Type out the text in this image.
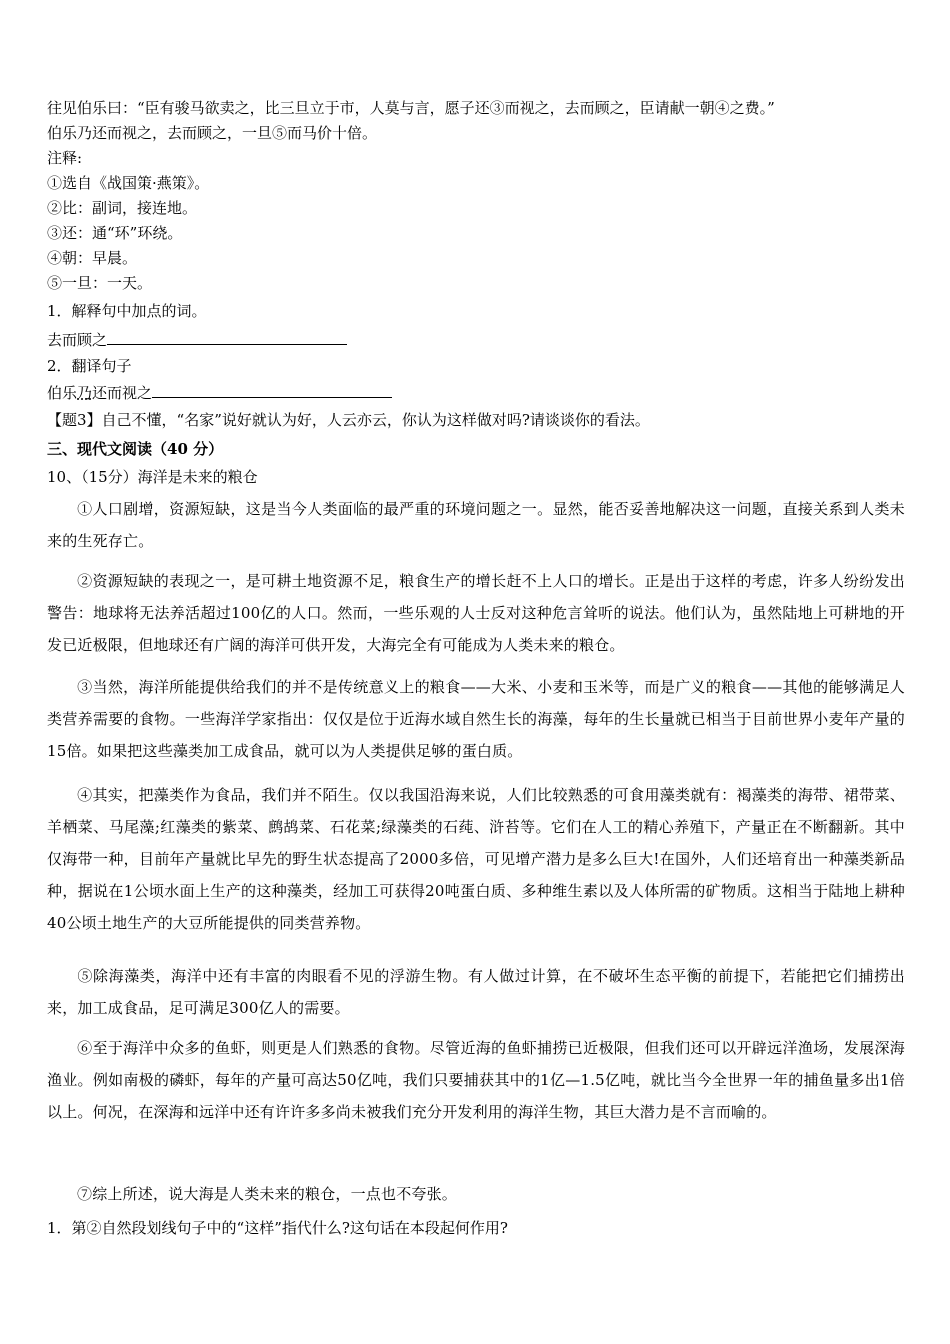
往见伯乐曰：“臣有骏马欲卖之，比三旦立于市，人莫与言，愿子还③而视之，去而顾之，臣请献一朝④之费。”
伯乐乃还而视之，去而顾之，一旦⑤而马价十倍。
注释:
①选自《战国策·燕策》。
②比：副词，接连地。
③还：通“环”环绕。
④朝：早晨。
⑤一旦：一天。
1．解释句中加点的词。
去而顾之
2．翻译句子
伯乐乃还而视之
【题3】自己不懂，“名家”说好就认为好，人云亦云，你认为这样做对吗?请谈谈你的看法。
三、现代文阅读（40 分）
10、（15分）海洋是未来的粮仓
①人口剧增，资源短缺，这是当今人类面临的最严重的环境问题之一。显然，能否妥善地解决这一问题，直接关系到人类未来的生死存亡。
②资源短缺的表现之一，是可耕土地资源不足，粮食生产的增长赶不上人口的增长。正是出于这样的考虑，许多人纷纷发出警告：地球将无法养活超过100亿的人口。然而，一些乐观的人士反对这种危言耸听的说法。他们认为，虽然陆地上可耕地的开发已近极限，但地球还有广阔的海洋可供开发，大海完全有可能成为人类未来的粮仓。
③当然，海洋所能提供给我们的并不是传统意义上的粮食——大米、小麦和玉米等，而是广义的粮食——其他的能够满足人类营养需要的食物。一些海洋学家指出：仅仅是位于近海水域自然生长的海藻，每年的生长量就已相当于目前世界小麦年产量的15倍。如果把这些藻类加工成食品，就可以为人类提供足够的蛋白质。
④其实，把藻类作为食品，我们并不陌生。仅以我国沿海来说，人们比较熟悉的可食用藻类就有：褐藻类的海带、裙带菜、羊栖菜、马尾藻;红藻类的紫菜、鹧鸪菜、石花菜;绿藻类的石莼、浒苔等。它们在人工的精心养殖下，产量正在不断翻新。其中仅海带一种，目前年产量就比早先的野生状态提高了2000多倍，可见增产潜力是多么巨大!在国外，人们还培育出一种藻类新品种，据说在1公顷水面上生产的这种藻类，经加工可获得20吨蛋白质、多种维生素以及人体所需的矿物质。这相当于陆地上耕种40公顷土地生产的大豆所能提供的同类营养物。
⑤除海藻类，海洋中还有丰富的肉眼看不见的浮游生物。有人做过计算，在不破坏生态平衡的前提下，若能把它们捕捞出来，加工成食品，足可满足300亿人的需要。
⑥至于海洋中众多的鱼虾，则更是人们熟悉的食物。尽管近海的鱼虾捕捞已近极限，但我们还可以开辟远洋渔场，发展深海渔业。例如南极的磷虾，每年的产量可高达50亿吨，我们只要捕获其中的1亿—1.5亿吨，就比当今全世界一年的捕鱼量多出1倍以上。何况，在深海和远洋中还有许许多多尚未被我们充分开发利用的海洋生物，其巨大潜力是不言而喻的。
⑦综上所述，说大海是人类未来的粮仓，一点也不夸张。
1．第②自然段划线句子中的“这样”指代什么?这句话在本段起何作用?
